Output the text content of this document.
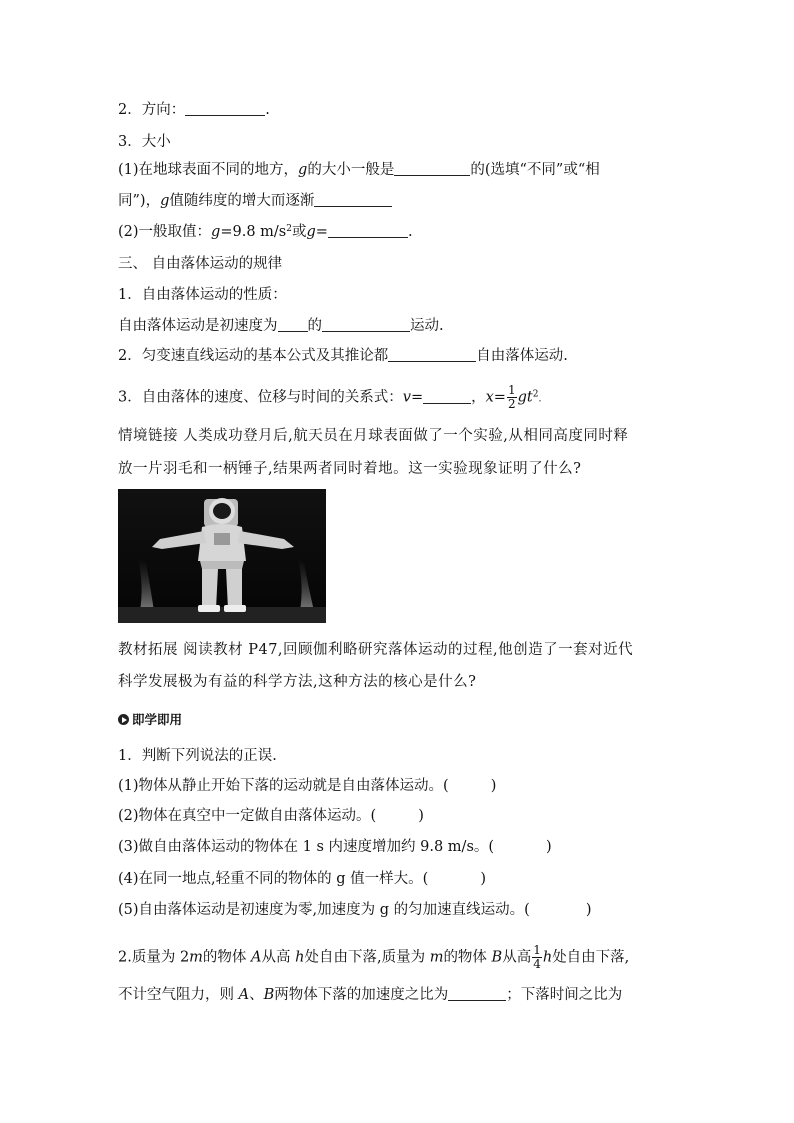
2．方向：	.
3．大小
(1)在地球表面不同的地方，g的大小一般是	的(选填“不同”或“相
同”)，g值随纬度的增大而逐渐
(2)一般取值：g=9.8 $m/s^2$或g=	.
三、 自由落体运动的规律
1．自由落体运动的性质：
自由落体运动是初速度为 的	运动.
2．匀变速直线运动的基本公式及其推论都	自由落体运动.
3．自由落体的速度、位移与时间的关系式：v=	，$x= \frac{1}{2} gt^2$.
情境链接 人类成功登月后,航天员在月球表面做了一个实验,从相同高度同时释
放一片羽毛和一柄锤子,结果两者同时着地。这一实验现象证明了什么?
教材拓展 阅读教材 P47,回顾伽利略研究落体运动的过程,他创造了一套对近代
科学发展极为有益的科学方法,这种方法的核心是什么?
即学即用
1．判断下列说法的正误.
(1)物体从静止开始下落的运动就是自由落体运动。(	)
(2)物体在真空中一定做自由落体运动。(	)
(3)做自由落体运动的物体在 1 s 内速度增加约 9.8 m/s。(	)
(4)在同一地点,轻重不同的物体的 g 值一样大。(	)
(5)自由落体运动是初速度为零,加速度为 g 的匀加速直线运动。(	)
2.质量为 2m的物体 A从高 h处自由下落,质量为 m的物体 B从高 $\frac{1}{4}$ h处自由下落,
不计空气阻力，则 A、B两物体下落的加速度之比为	；下落时间之比为
